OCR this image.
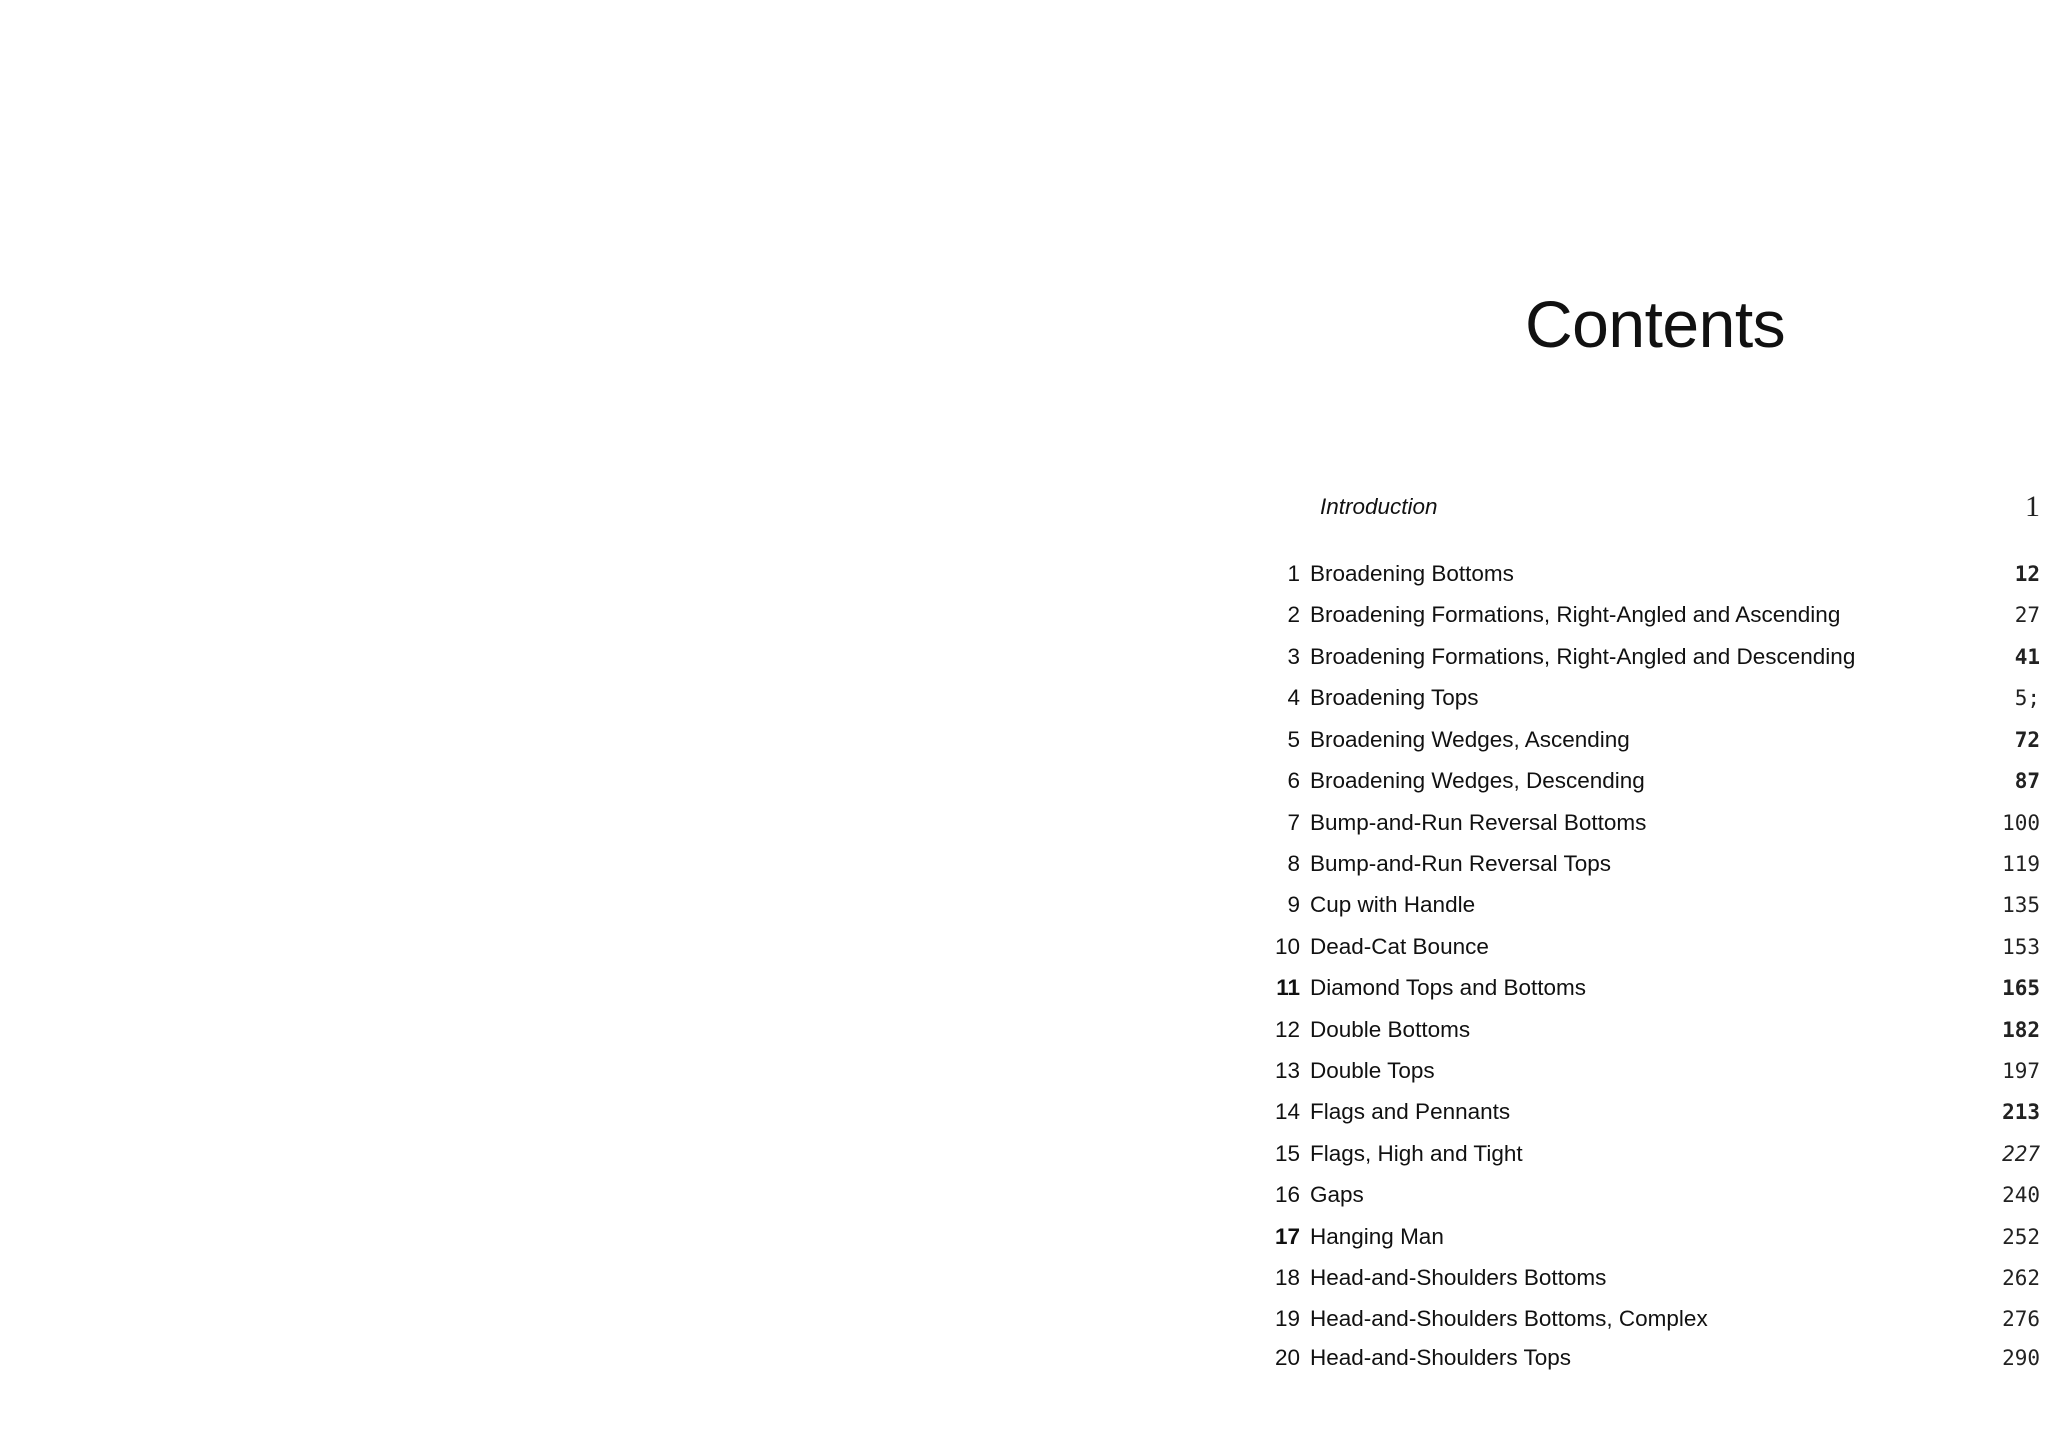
Contents
Introduction	1
1 Broadening Bottoms	12
2 Broadening Formations, Right-Angled and Ascending	27
3 Broadening Formations, Right-Angled and Descending	41
4 Broadening Tops	5;
5 Broadening Wedges, Ascending	72
6 Broadening Wedges, Descending	87
7 Bump-and-Run Reversal Bottoms	100
8 Bump-and-Run Reversal Tops	119
9 Cup with Handle	135
10 Dead-Cat Bounce	153
11 Diamond Tops and Bottoms	165
12 Double Bottoms	182
13 Double Tops	197
14 Flags and Pennants	213
15 Flags, High and Tight	227
16 Gaps	240
17 Hanging Man	252
18 Head-and-Shoulders Bottoms	262
19 Head-and-Shoulders Bottoms, Complex	276
20 Head-and-Shoulders Tops	290
